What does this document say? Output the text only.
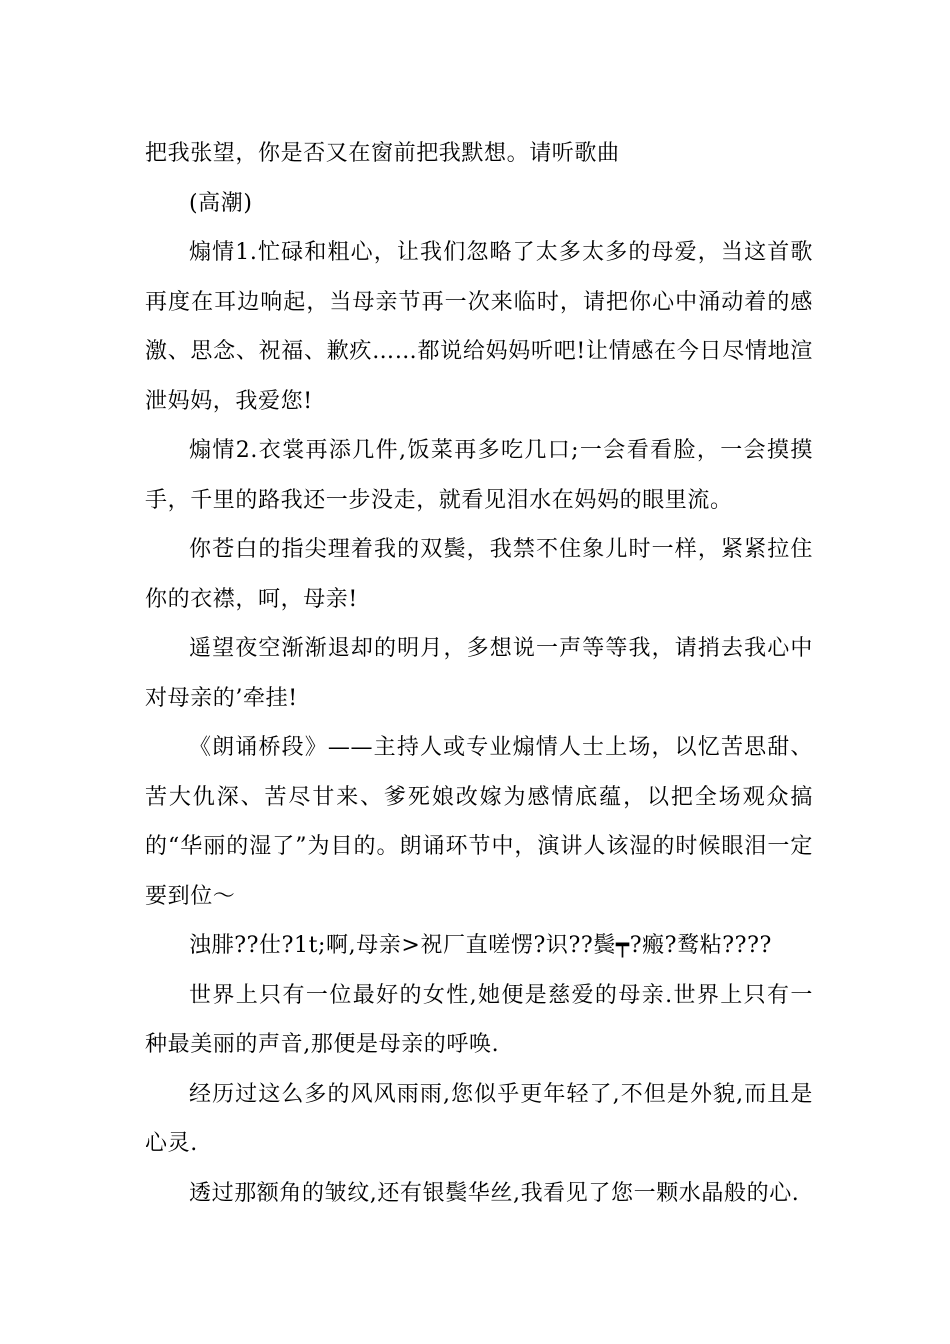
把我张望，你是否又在窗前把我默想。请听歌曲

(高潮)

煽情1.忙碌和粗心，让我们忽略了太多太多的母爱，当这首歌再度在耳边响起，当母亲节再一次来临时，请把你心中涌动着的感激、思念、祝福、歉疚……都说给妈妈听吧!让情感在今日尽情地渲泄妈妈，我爱您!

煽情2.衣裳再添几件,饭菜再多吃几口;一会看看脸，一会摸摸手，千里的路我还一步没走，就看见泪水在妈妈的眼里流。

你苍白的指尖理着我的双鬓，我禁不住象儿时一样，紧紧拉住你的衣襟，呵，母亲!

遥望夜空渐渐退却的明月，多想说一声等等我，请捎去我心中对母亲的’牵挂!

《朗诵桥段》——主持人或专业煽情人士上场，以忆苦思甜、苦大仇深、苦尽甘来、爹死娘改嫁为感情底蕴，以把全场观众搞的“华丽的湿了”为目的。朗诵环节中，演讲人该湿的时候眼泪一定要到位～

浊腓??仕?1t;啊,母亲>祝厂直嗟愣?识??鬓┯?瘢?鹜粘????

世界上只有一位最好的女性,她便是慈爱的母亲.世界上只有一种最美丽的声音,那便是母亲的呼唤.

经历过这么多的风风雨雨,您似乎更年轻了,不但是外貌,而且是心灵.

透过那额角的皱纹,还有银鬓华丝,我看见了您一颗水晶般的心.
